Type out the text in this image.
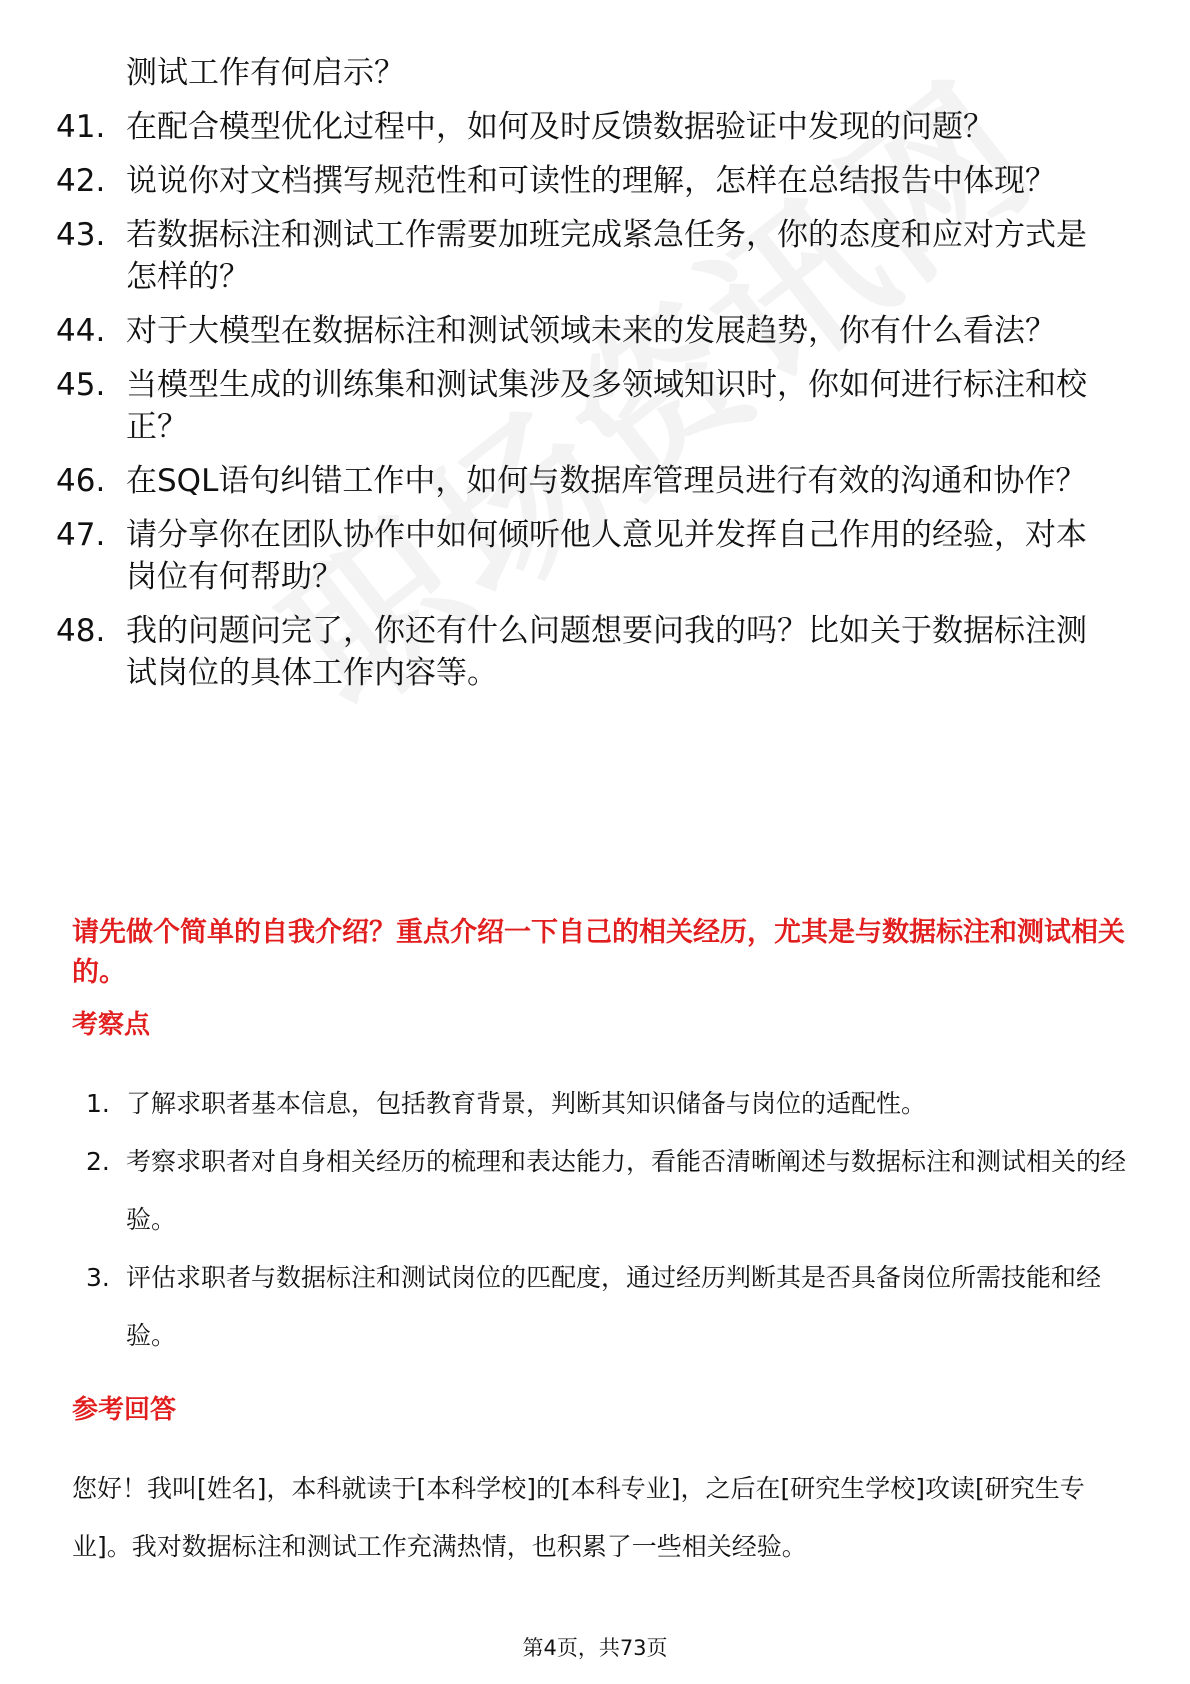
测试工作有何启示？
41. 在配合模型优化过程中，如何及时反馈数据验证中发现的问题？
42. 说说你对文档撰写规范性和可读性的理解，怎样在总结报告中体现？
43. 若数据标注和测试工作需要加班完成紧急任务，你的态度和应对方式是怎样的？
44. 对于大模型在数据标注和测试领域未来的发展趋势，你有什么看法？
45. 当模型生成的训练集和测试集涉及多领域知识时，你如何进行标注和校正？
46. 在SQL语句纠错工作中，如何与数据库管理员进行有效的沟通和协作？
47. 请分享你在团队协作中如何倾听他人意见并发挥自己作用的经验，对本岗位有何帮助？
48. 我的问题问完了，你还有什么问题想要问我的吗？比如关于数据标注测试岗位的具体工作内容等。
请先做个简单的自我介绍？重点介绍一下自己的相关经历，尤其是与数据标注和测试相关的。
考察点
1. 了解求职者基本信息，包括教育背景，判断其知识储备与岗位的适配性。
2. 考察求职者对自身相关经历的梳理和表达能力，看能否清晰阐述与数据标注和测试相关的经验。
3. 评估求职者与数据标注和测试岗位的匹配度，通过经历判断其是否具备岗位所需技能和经验。
参考回答
您好！我叫[姓名]，本科就读于[本科学校]的[本科专业]，之后在[研究生学校]攻读[研究生专业]。我对数据标注和测试工作充满热情，也积累了一些相关经验。
第4页，共73页
